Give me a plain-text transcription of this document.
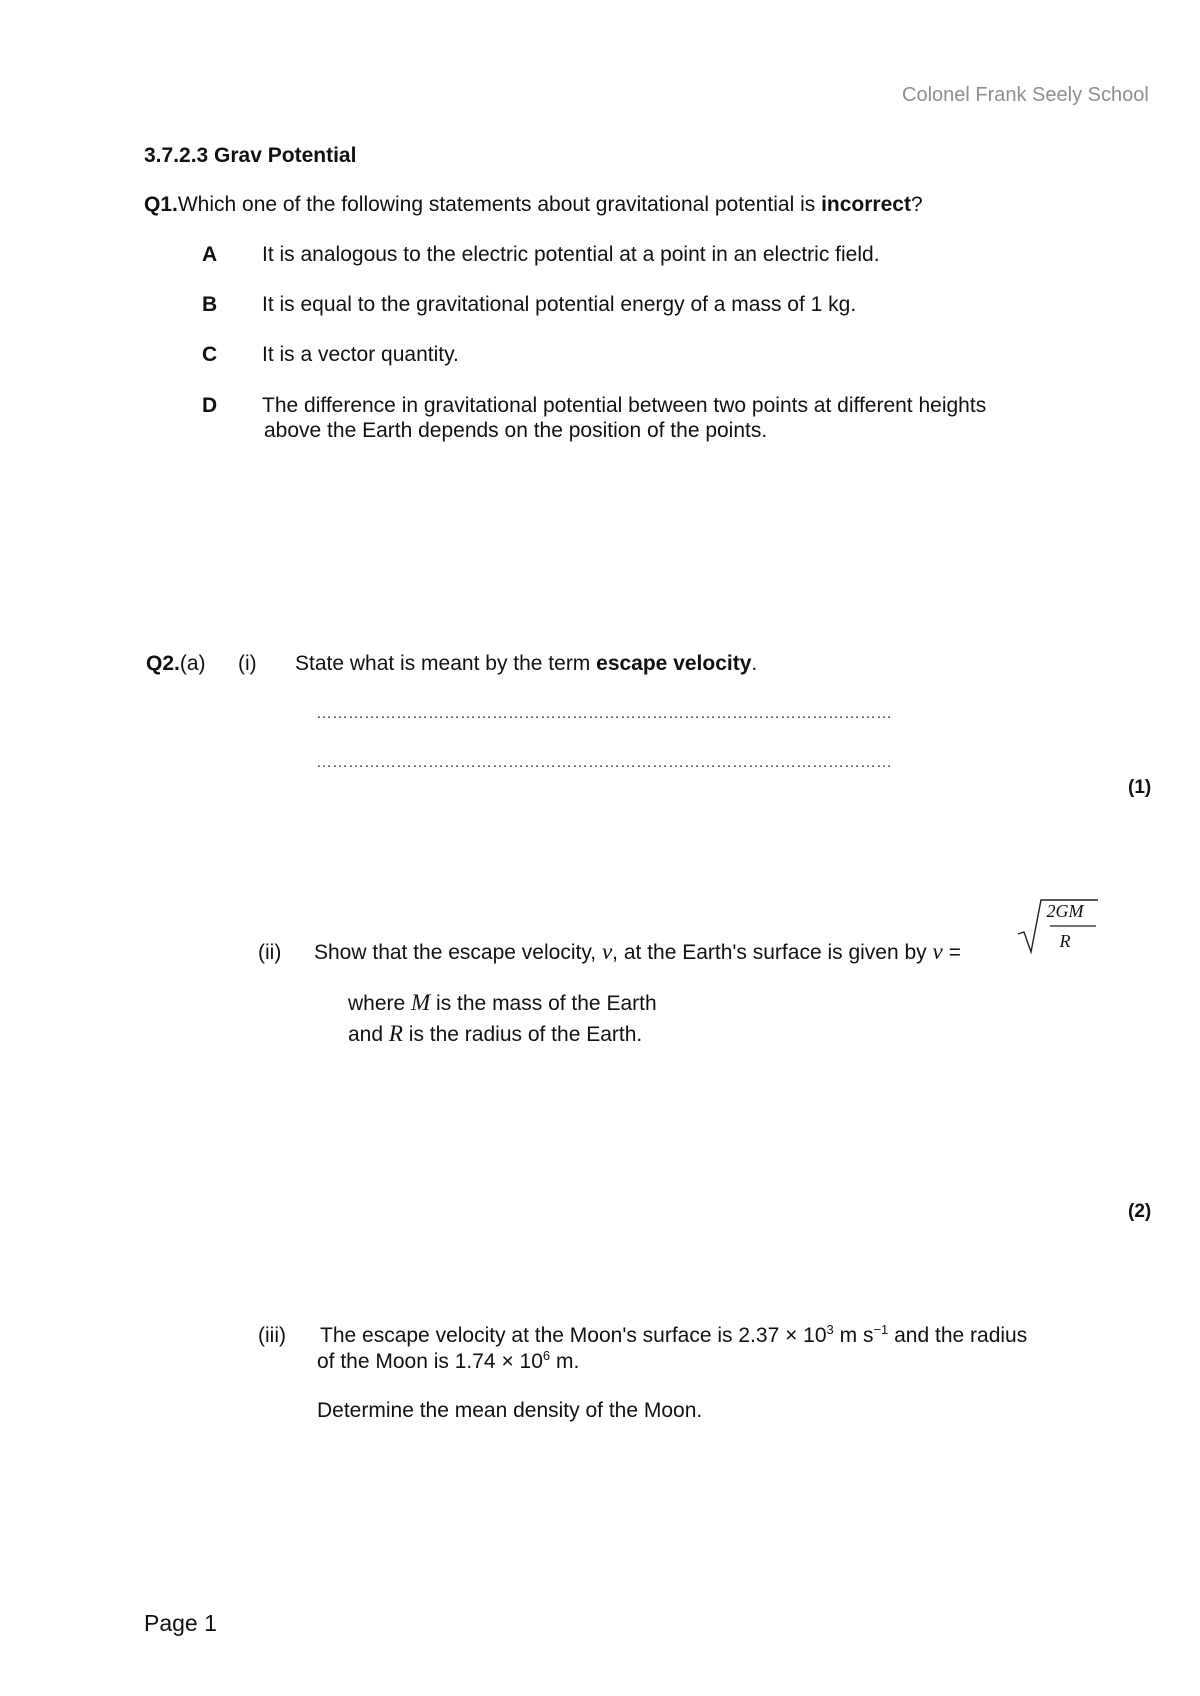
Colonel Frank Seely School
3.7.2.3 Grav Potential
Q1.Which one of the following statements about gravitational potential is incorrect?
A It is analogous to the electric potential at a point in an electric field.
B It is equal to the gravitational potential energy of a mass of 1 kg.
C It is a vector quantity.
D The difference in gravitational potential between two points at different heights
above the Earth depends on the position of the points.
Q2.(a) (i) State what is meant by the term escape velocity.
………………………………………………………………………………………………
………………………………………………………………………………………………
(1)
(ii) Show that the escape velocity, v, at the Earth's surface is given by v =
2GM
R
where M is the mass of the Earth
and R is the radius of the Earth.
(2)
(iii) The escape velocity at the Moon's surface is $2.37 \times 10^3$ m $s^{-1}$ and the radius
of the Moon is $1.74 \times 10^6$ m.
Determine the mean density of the Moon.
Page 1
